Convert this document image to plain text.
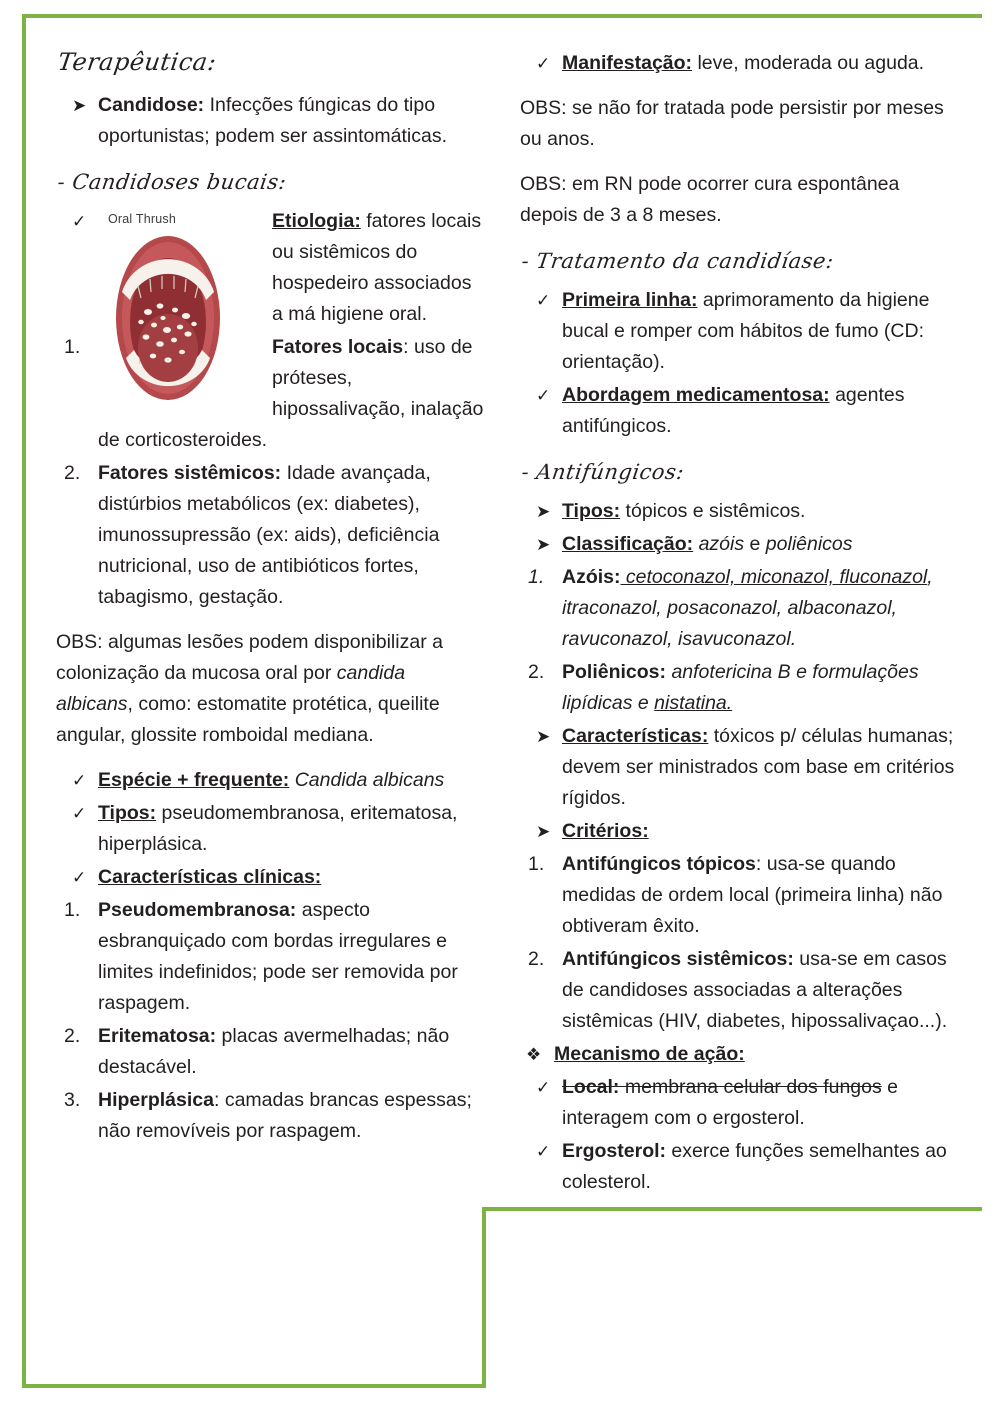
Terapêutica:
➤ Candidose: Infecções fúngicas do tipo oportunistas; podem ser assintomáticas.
- Candidoses bucais:
Oral Thrush
✓	Etiologia: fatores locais ou sistêmicos do hospedeiro associados a má higiene oral.
1.	Fatores locais: uso de próteses, hipossalivação, inalação de corticosteroides.
2. Fatores sistêmicos: Idade avançada, distúrbios metabólicos (ex: diabetes), imunossupressão (ex: aids), deficiência nutricional, uso de antibióticos fortes, tabagismo, gestação.

OBS: algumas lesões podem disponibilizar a colonização da mucosa oral por candida albicans, como: estomatite protética, queilite angular, glossite romboidal mediana.

✓ Espécie + frequente: Candida albicans
✓ Tipos: pseudomembranosa, eritematosa, hiperplásica.
✓ Características clínicas:
1. Pseudomembranosa: aspecto esbranquiçado com bordas irregulares e limites indefinidos; pode ser removida por raspagem.
2. Eritematosa: placas avermelhadas; não destacável.
3. Hiperplásica: camadas brancas espessas; não removíveis por raspagem.
✓ Manifestação: leve, moderada ou aguda.

OBS: se não for tratada pode persistir por meses ou anos.

OBS: em RN pode ocorrer cura espontânea depois de 3 a 8 meses.

- Tratamento da candidíase:
✓ Primeira linha: aprimoramento da higiene bucal e romper com hábitos de fumo (CD: orientação).
✓ Abordagem medicamentosa: agentes antifúngicos.
- Antifúngicos:
➤ Tipos: tópicos e sistêmicos.
➤ Classificação: azóis e poliênicos
1. Azóis: cetoconazol, miconazol, fluconazol, itraconazol, posaconazol, albaconazol, ravuconazol, isavuconazol.
2. Poliênicos: anfotericina B e formulações lipídicas e nistatina.
➤ Características: tóxicos p/ células humanas; devem ser ministrados com base em critérios rígidos.
➤ Critérios:
1. Antifúngicos tópicos: usa-se quando medidas de ordem local (primeira linha) não obtiveram êxito.
2. Antifúngicos sistêmicos: usa-se em casos de candidoses associadas a alterações sistêmicas (HIV, diabetes, hipossalivaçao...).
❖ Mecanismo de ação:
✓ Local: membrana celular dos fungos e interagem com o ergosterol.
✓ Ergosterol: exerce funções semelhantes ao colesterol.
